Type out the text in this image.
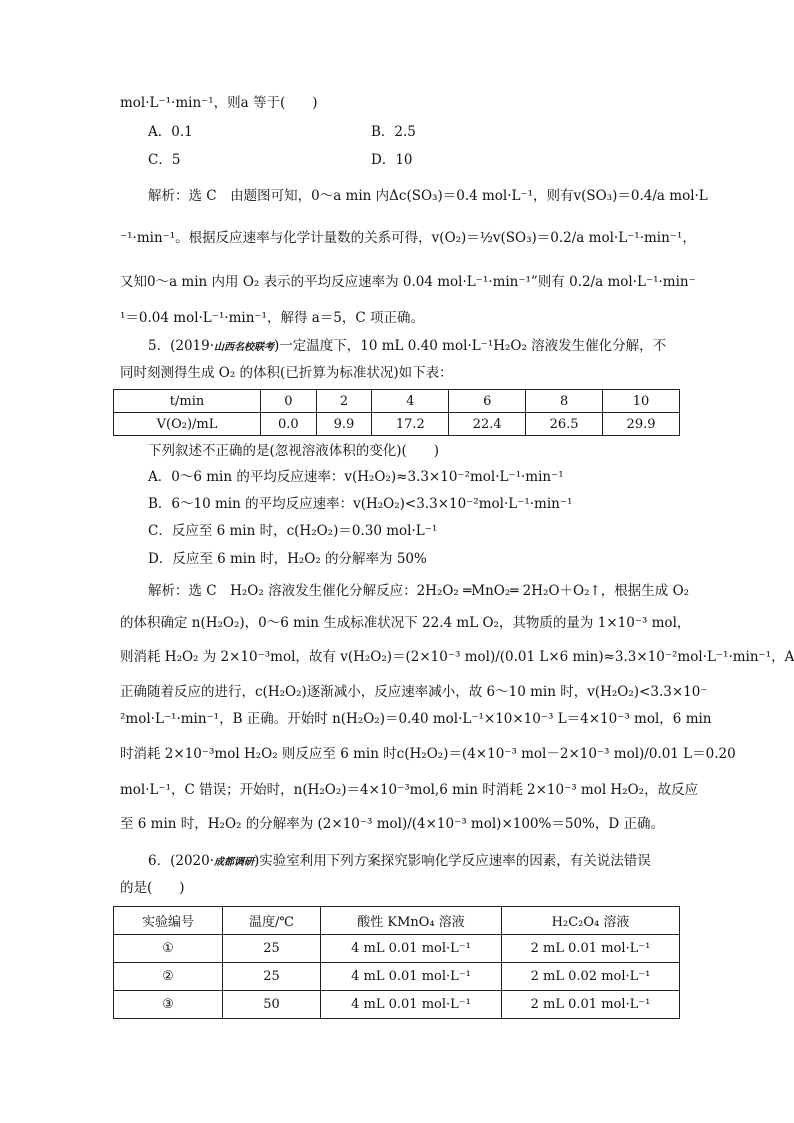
mol·L⁻¹·min⁻¹，则a 等于(　　)
A．0.1	B．2.5
C．5	D．10
解析：选 C　由题图可知，0～a min 内Δc(SO₃)＝0.4 mol·L⁻¹，则有v(SO₃)＝0.4/a mol·L
⁻¹·min⁻¹。根据反应速率与化学计量数的关系可得，v(O₂)＝½v(SO₃)＝0.2/a mol·L⁻¹·min⁻¹，
又知0～a min 内用 O₂ 表示的平均反应速率为 0.04 mol·L⁻¹·min⁻¹”则有 0.2/a mol·L⁻¹·min⁻
¹＝0.04 mol·L⁻¹·min⁻¹，解得 a＝5，C 项正确。
5．(2019·山西名校联考)一定温度下，10 mL 0.40 mol·L⁻¹H₂O₂ 溶液发生催化分解，不
同时刻测得生成 O₂ 的体积(已折算为标准状况)如下表：
t/min	0	2	4	6	8	10
V(O₂)/mL	0.0	9.9	17.2	22.4	26.5	29.9
下列叙述不正确的是(忽视溶液体积的变化)(　　)
A．0～6 min 的平均反应速率：v(H₂O₂)≈3.3×10⁻²mol·L⁻¹·min⁻¹
B．6～10 min 的平均反应速率：v(H₂O₂)<3.3×10⁻²mol·L⁻¹·min⁻¹
C．反应至 6 min 时，c(H₂O₂)＝0.30 mol·L⁻¹
D．反应至 6 min 时，H₂O₂ 的分解率为 50%
解析：选 C　H₂O₂ 溶液发生催化分解反应：2H₂O₂ ═MnO₂═ 2H₂O＋O₂↑，根据生成 O₂
的体积确定 n(H₂O₂)，0～6 min 生成标准状况下 22.4 mL O₂，其物质的量为 1×10⁻³ mol，
则消耗 H₂O₂ 为 2×10⁻³mol，故有 v(H₂O₂)＝(2×10⁻³ mol)/(0.01 L×6 min)≈3.3×10⁻²mol·L⁻¹·min⁻¹，A
正确随着反应的进行，c(H₂O₂)逐渐减小，反应速率减小，故 6～10 min 时，v(H₂O₂)<3.3×10⁻
²mol·L⁻¹·min⁻¹，B 正确。开始时 n(H₂O₂)＝0.40 mol·L⁻¹×10×10⁻³ L＝4×10⁻³ mol，6 min
时消耗 2×10⁻³mol H₂O₂ 则反应至 6 min 时c(H₂O₂)＝(4×10⁻³ mol－2×10⁻³ mol)/0.01 L＝0.20
mol·L⁻¹，C 错误；开始时，n(H₂O₂)＝4×10⁻³mol,6 min 时消耗 2×10⁻³ mol H₂O₂，故反应
至 6 min 时，H₂O₂ 的分解率为 (2×10⁻³ mol)/(4×10⁻³ mol)×100%＝50%，D 正确。
6．(2020·成都调研)实验室利用下列方案探究影响化学反应速率的因素，有关说法错误
的是(　　)
实验编号	温度/℃	酸性 KMnO₄ 溶液	H₂C₂O₄ 溶液
①	25	4 mL 0.01 mol·L⁻¹	2 mL 0.01 mol·L⁻¹
②	25	4 mL 0.01 mol·L⁻¹	2 mL 0.02 mol·L⁻¹
③	50	4 mL 0.01 mol·L⁻¹	2 mL 0.01 mol·L⁻¹
